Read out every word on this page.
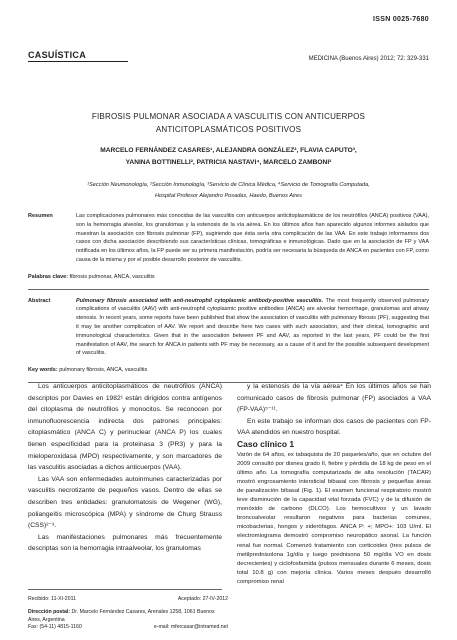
ISSN 0025-7680
CASUÍSTICA	MEDICINA (Buenos Aires) 2012; 72: 329-331
FIBROSIS PULMONAR ASOCIADA A VASCULITIS CON ANTICUERPOS
ANTICITOPLASMÁTICOS POSITIVOS
MARCELO FERNÁNDEZ CASARES¹, ALEJANDRA GONZÁLEZ², FLAVIA CAPUTO³,
YANINA BOTTINELLI², PATRICIA NASTAVI⁴, MARCELO ZAMBONI²
¹Sección Neumonología, ²Sección Inmunología, ³Servicio de Clínica Médica, ⁴Servicio de Tomografía Computada,
Hospital Profesor Alejandro Posadas, Haedo, Buenos Aires
Resumen	Las complicaciones pulmonares más conocidas de las vasculitis con anticuerpos anticitoplasmáticos de los neutrófilos (ANCA) positivos (VAA), son la hemorragia alveolar, los granulomas y la estenosis de la vía aérea. En los últimos años han aparecido algunos informes aislados que muestran la asociación con fibrosis pulmonar (FP), sugiriendo que ésta sería otra complicación de las VAA. En este trabajo informamos dos casos con dicha asociación describiendo sus características clínicas, tomográficas e inmunológicas. Dado que en la asociación de FP y VAA notificada en los últimos años, la FP puede ser su primera manifestación, podría ser necesaria la búsqueda de ANCA en pacientes con FP, como causa de la misma y por el posible desarrollo posterior de vasculitis.
Palabras clave: fibrosis pulmonar, ANCA, vasculitis
Abstract	Pulmonary fibrosis associated with anti-neutrophil cytoplasmic antibody-positive vasculitis. The most frequently observed pulmonary complications of vasculitis (AAV) with anti-neutrophil cytoplasmic positive antibodies (ANCA) are alveolar hemorrhage, granulomas and airway stenosis. In recent years, some reports have been published that show the association of vasculitis with pulmonary fibrosis (PF), suggesting that it may be another complication of AAV. We report and describe here two cases with such association, and their clinical, tomographic and immunological characteristics. Given that in the association between PF and AAV, as reported in the last years, PF could be the first manifestation of AAV, the search for ANCA in patients with PF may be necessary, as a cause of it and for the possible subsequent development of vasculitis.
Key words: pulmonary fibrosis, ANCA, vasculitis

Los anticuerpos anticitoplasmáticos de neutrófilos (ANCA) descriptos por Davies en 1982¹ están dirigidos contra antígenos del citoplasma de neutrófilos y monocitos. Se reconocen por inmunofluorescencia indirecta dos patrones principales: citoplasmático (ANCA C) y perinuclear (ANCA P) los cuales tienen especificidad para la proteinasa 3 (PR3) y para la mieloperoxidasa (MPO) respectivamente, y son marcadores de las vasculitis asociadas a dichos anticuerpos (VAA).

Las VAA son enfermedades autoinmunes caracterizadas por vasculitis necrotizante de pequeños vasos. Dentro de ellas se describen tres entidades: granulomatosis de Wegener (WG), poliangeítis microscópica (MPA) y síndrome de Churg Strauss (CSS)²⁻³.

Las manifestaciones pulmonares más frecuentemente descriptas son la hemorragia intraalveolar, los granulomas

y la estenosis de la vía aérea⁴ En los últimos años se han comunicado casos de fibrosis pulmonar (FP) asociados a VAA (FP-VAA)⁵⁻¹¹.

En este trabajo se informan dos casos de pacientes con FP-VAA atendidos en nuestro hospital.

Caso clínico 1

Varón de 64 años, ex tabaquista de 20 paquetes/año, que en octubre del 2009 consultó por disnea grado II, fiebre y pérdida de 18 kg de peso en el último año. La tomografía computarizada de alta resolución (TACAR) mostró engrosamiento intersticial bibasal con fibrosis y pequeñas áreas de panalización bibasal (Fig. 1). El examen funcional respiratorio mostró leve disminución de la capacidad vital forzada (FVC) y de la difusión de monóxido de carbono (DLCO). Los hemocultivos y un lavado broncoalveolar resultaron negativos para bacterias comunes, micobacterias, hongos y sideròfagos. ANCA P: +; MPO+: 103 U/ml. El electromiograma demostró compromiso neuropático axonal. La función renal fue normal. Comenzó tratamiento con corticoides (tres pulsos de metilprednisolona 1g/día y luego prednisona 50 mg/día VO en dosis decrecientes) y ciclofosfamida (pulsos mensuales durante 6 meses, dosis total 10.8 g) con mejoría clínica. Varios meses después desarrolló compromiso renal

Recibido: 11-XI-2011	Aceptado: 27-IV-2012
Dirección postal: Dr. Marcelo Fernández Casares, Arenales 1258, 1061 Buenos Aires, Argentina
Fax: (54-11) 4815-1160	e-mail: mfercasar@intramed.net
